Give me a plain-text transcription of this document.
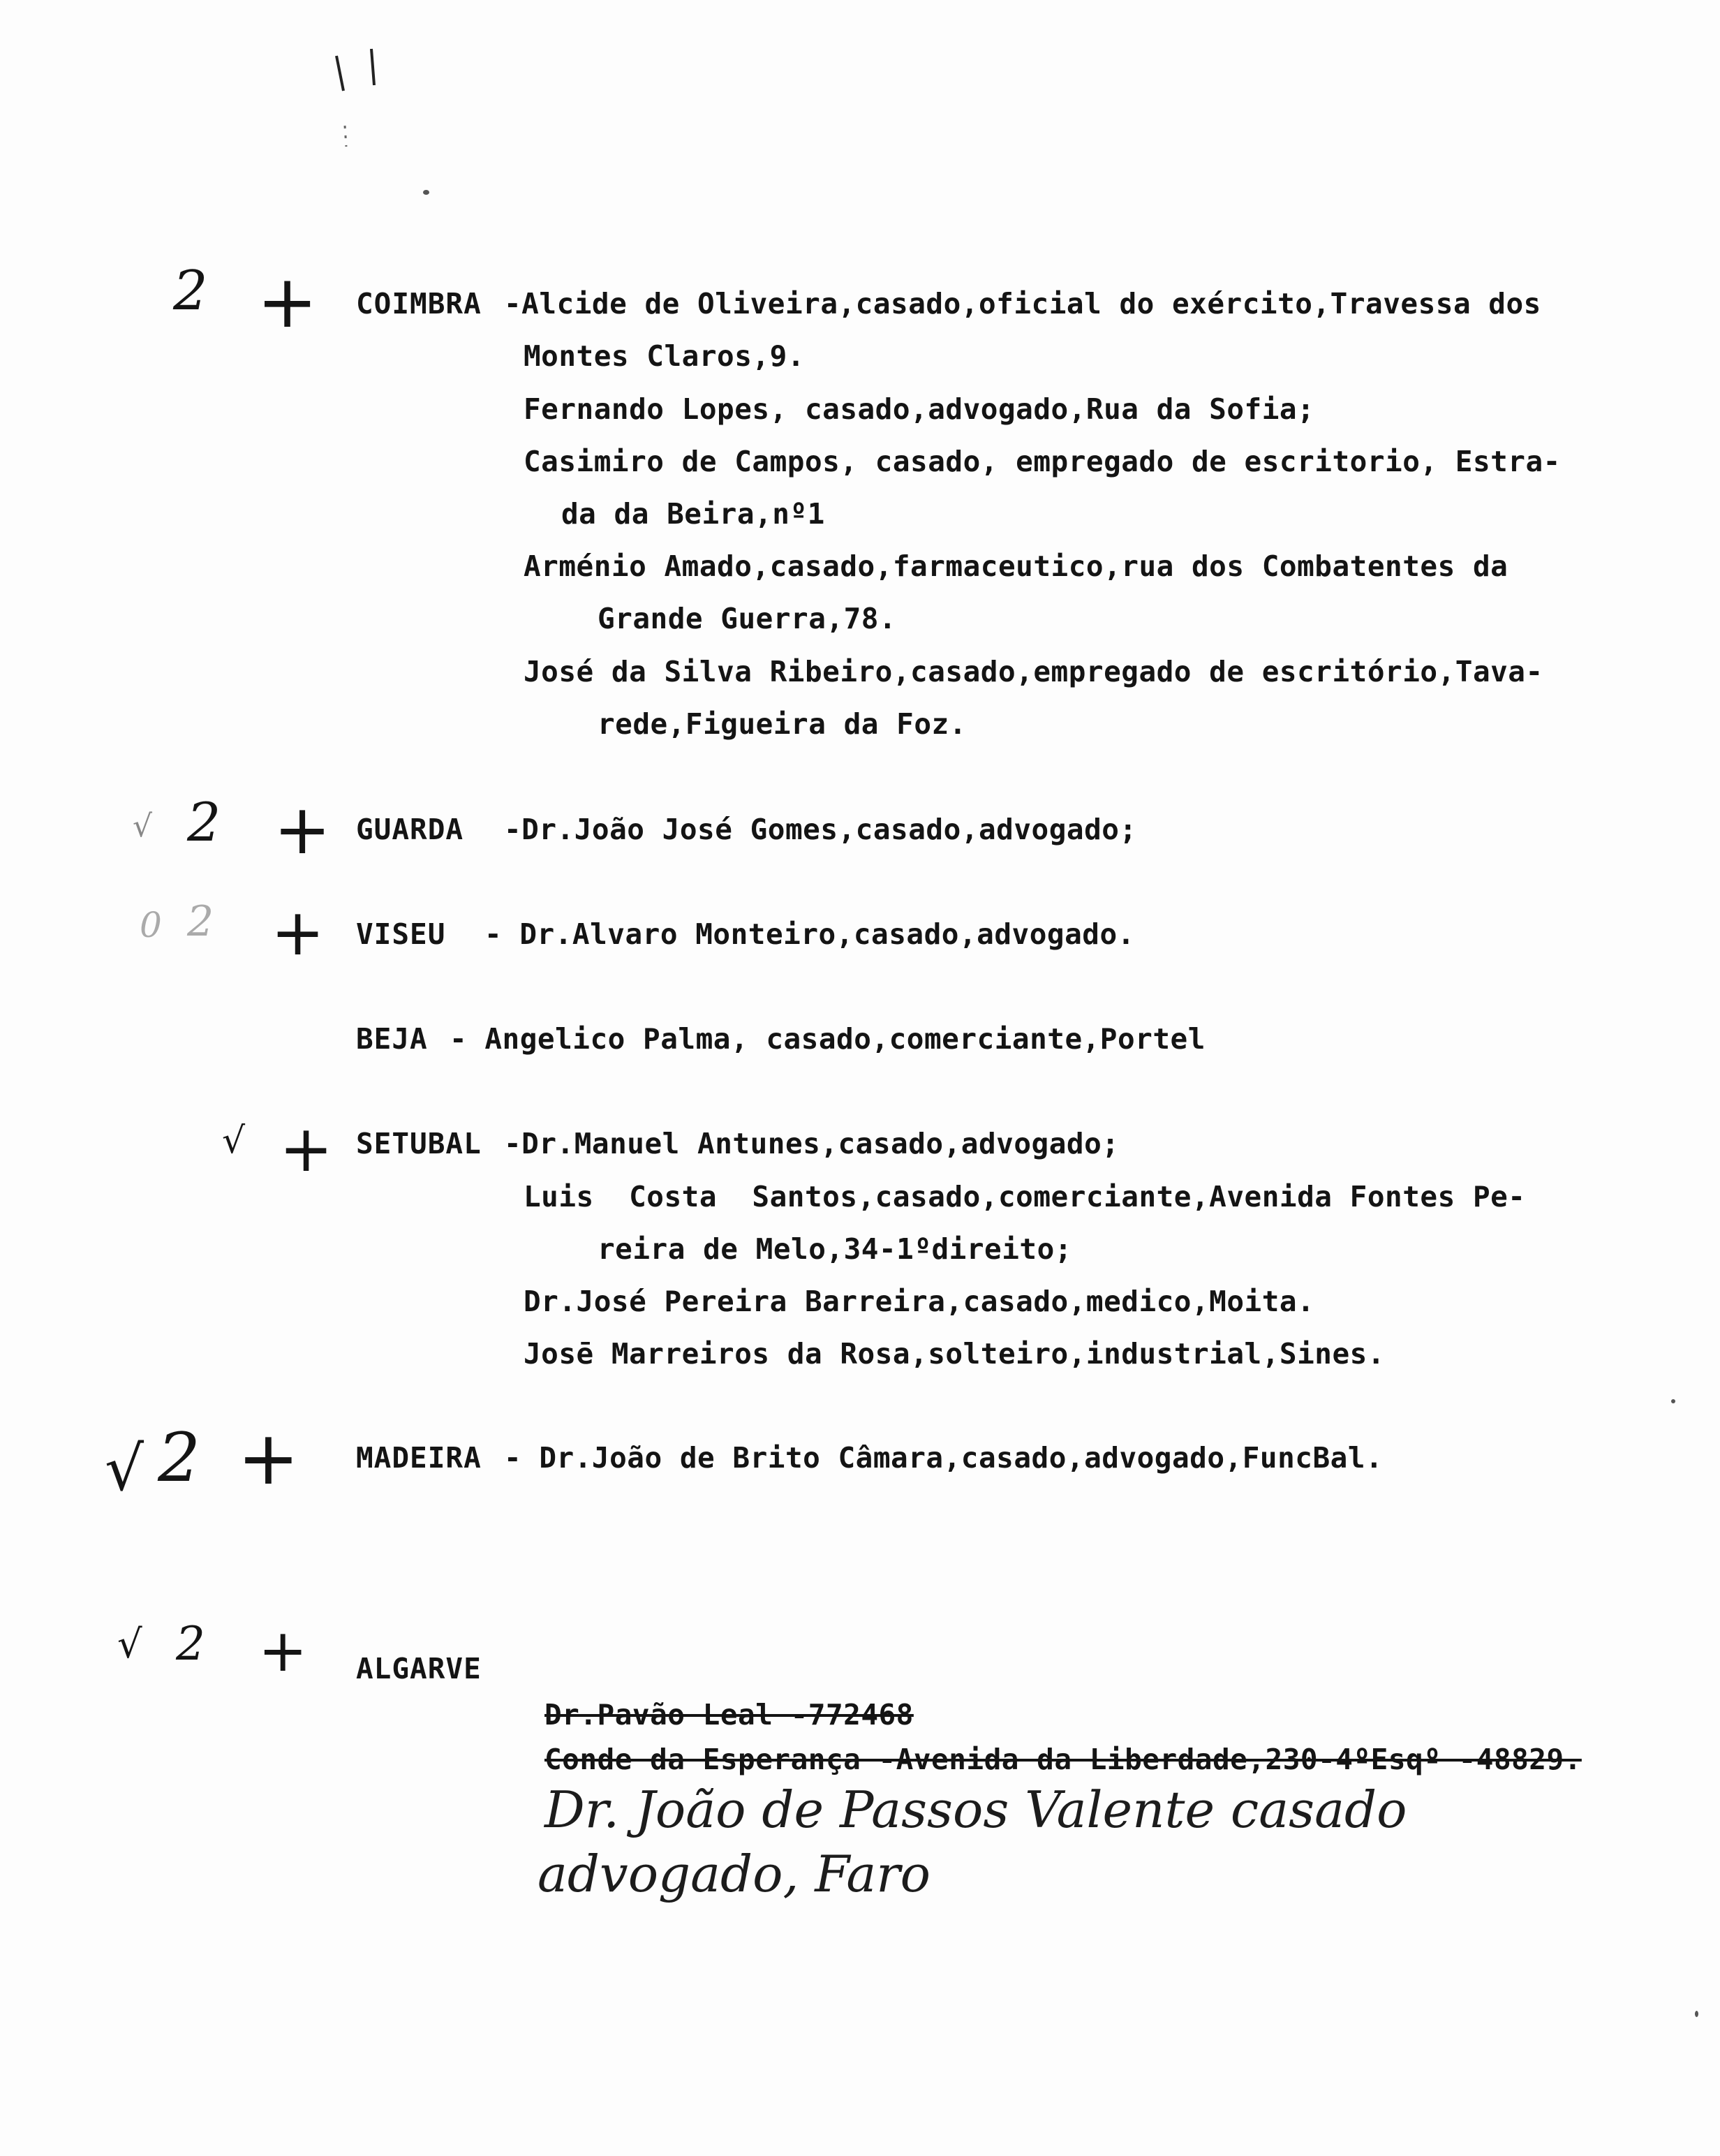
2 + COIMBRA -Alcide de Oliveira,casado,oficial do exército,Travessa dos
Montes Claros,9.
Fernando Lopes, casado,advogado,Rua da Sofia;
Casimiro de Campos, casado, empregado de escritorio, Estra-
da da Beira,nº1
Arménio Amado,casado,farmaceutico,rua dos Combatentes da
Grande Guerra,78.
José da Silva Ribeiro,casado,empregado de escritório,Tava-
rede,Figueira da Foz.
√ 2 + GUARDA -Dr.João José Gomes,casado,advogado;
0 2 + VISEU - Dr.Alvaro Monteiro,casado,advogado.
BEJA - Angelico Palma, casado,comerciante,Portel
√ + SETUBAL -Dr.Manuel Antunes,casado,advogado;
Luis  Costa  Santos,casado,comerciante,Avenida Fontes Pe-
reira de Melo,34-1ºdireito;
Dr.José Pereira Barreira,casado,medico,Moita.
Josē Marreiros da Rosa,solteiro,industrial,Sines.
√ 2 + MADEIRA - Dr.João de Brito Câmara,casado,advogado,FuncBal.
√ 2 + ALGARVE
Dr.Pavão Leal -772468
Conde da Esperança -Avenida da Liberdade,230-4ºEsqº -48829.
Dr. João de Passos Valente casado
advogado, Faro
